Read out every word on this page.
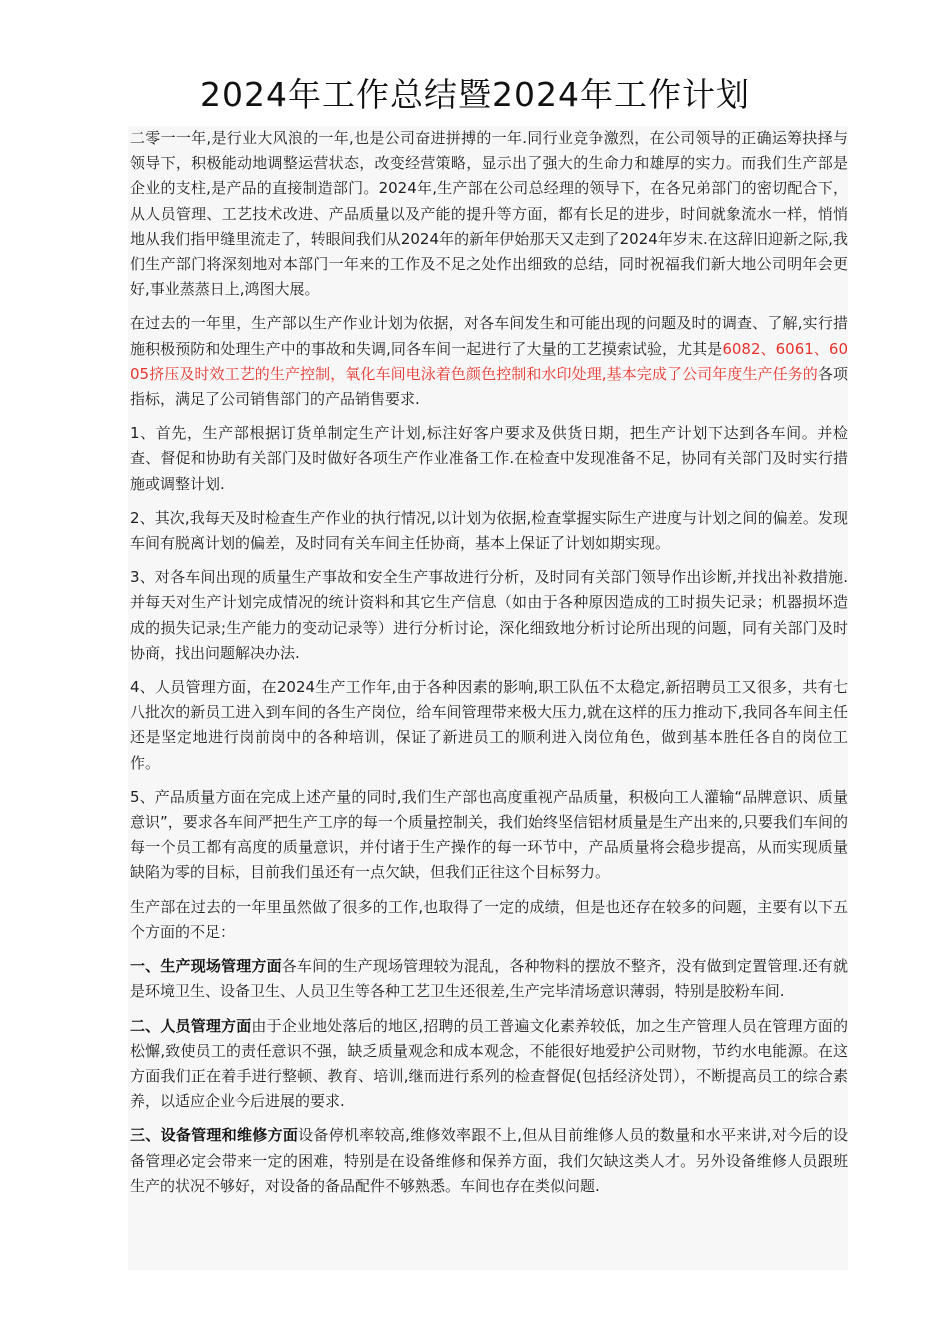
2024年工作总结暨2024年工作计划

二零一一年,是行业大风浪的一年,也是公司奋进拼搏的一年.同行业竞争激烈，在公司领导的正确运筹抉择与领导下，积极能动地调整运营状态，改变经营策略，显示出了强大的生命力和雄厚的实力。而我们生产部是企业的支柱,是产品的直接制造部门。2024年,生产部在公司总经理的领导下，在各兄弟部门的密切配合下，从人员管理、工艺技术改进、产品质量以及产能的提升等方面，都有长足的进步，时间就象流水一样，悄悄地从我们指甲缝里流走了，转眼间我们从2024年的新年伊始那天又走到了2024年岁末.在这辞旧迎新之际,我们生产部门将深刻地对本部门一年来的工作及不足之处作出细致的总结，同时祝福我们新大地公司明年会更好,事业蒸蒸日上,鸿图大展。

在过去的一年里，生产部以生产作业计划为依据，对各车间发生和可能出现的问题及时的调查、了解,实行措施积极预防和处理生产中的事故和失调,同各车间一起进行了大量的工艺摸索试验，尤其是6082、6061、6005挤压及时效工艺的生产控制，氧化车间电泳着色颜色控制和水印处理,基本完成了公司年度生产任务的各项指标，满足了公司销售部门的产品销售要求.

1、首先，生产部根据订货单制定生产计划,标注好客户要求及供货日期，把生产计划下达到各车间。并检查、督促和协助有关部门及时做好各项生产作业准备工作.在检查中发现准备不足，协同有关部门及时实行措施或调整计划.

2、其次,我每天及时检查生产作业的执行情况,以计划为依据,检查掌握实际生产进度与计划之间的偏差。发现车间有脱离计划的偏差，及时同有关车间主任协商，基本上保证了计划如期实现。

3、对各车间出现的质量生产事故和安全生产事故进行分析，及时同有关部门领导作出诊断,并找出补救措施.并每天对生产计划完成情况的统计资料和其它生产信息（如由于各种原因造成的工时损失记录；机器损坏造成的损失记录;生产能力的变动记录等）进行分析讨论，深化细致地分析讨论所出现的问题，同有关部门及时协商，找出问题解决办法.

4、人员管理方面，在2024生产工作年,由于各种因素的影响,职工队伍不太稳定,新招聘员工又很多，共有七八批次的新员工进入到车间的各生产岗位，给车间管理带来极大压力,就在这样的压力推动下,我同各车间主任还是坚定地进行岗前岗中的各种培训，保证了新进员工的顺利进入岗位角色，做到基本胜任各自的岗位工作。

5、产品质量方面在完成上述产量的同时,我们生产部也高度重视产品质量，积极向工人灌输“品牌意识、质量意识”，要求各车间严把生产工序的每一个质量控制关，我们始终坚信铝材质量是生产出来的,只要我们车间的每一个员工都有高度的质量意识，并付诸于生产操作的每一环节中，产品质量将会稳步提高，从而实现质量缺陷为零的目标，目前我们虽还有一点欠缺，但我们正往这个目标努力。

生产部在过去的一年里虽然做了很多的工作,也取得了一定的成绩，但是也还存在较多的问题，主要有以下五个方面的不足：

一、生产现场管理方面各车间的生产现场管理较为混乱，各种物料的摆放不整齐，没有做到定置管理.还有就是环境卫生、设备卫生、人员卫生等各种工艺卫生还很差,生产完毕清场意识薄弱，特别是胶粉车间.

二、人员管理方面由于企业地处落后的地区,招聘的员工普遍文化素养较低，加之生产管理人员在管理方面的松懈,致使员工的责任意识不强，缺乏质量观念和成本观念，不能很好地爱护公司财物，节约水电能源。在这方面我们正在着手进行整顿、教育、培训,继而进行系列的检查督促(包括经济处罚），不断提高员工的综合素养，以适应企业今后进展的要求.

三、设备管理和维修方面设备停机率较高,维修效率跟不上,但从目前维修人员的数量和水平来讲,对今后的设备管理必定会带来一定的困难，特别是在设备维修和保养方面，我们欠缺这类人才。另外设备维修人员跟班生产的状况不够好，对设备的备品配件不够熟悉。车间也存在类似问题.
